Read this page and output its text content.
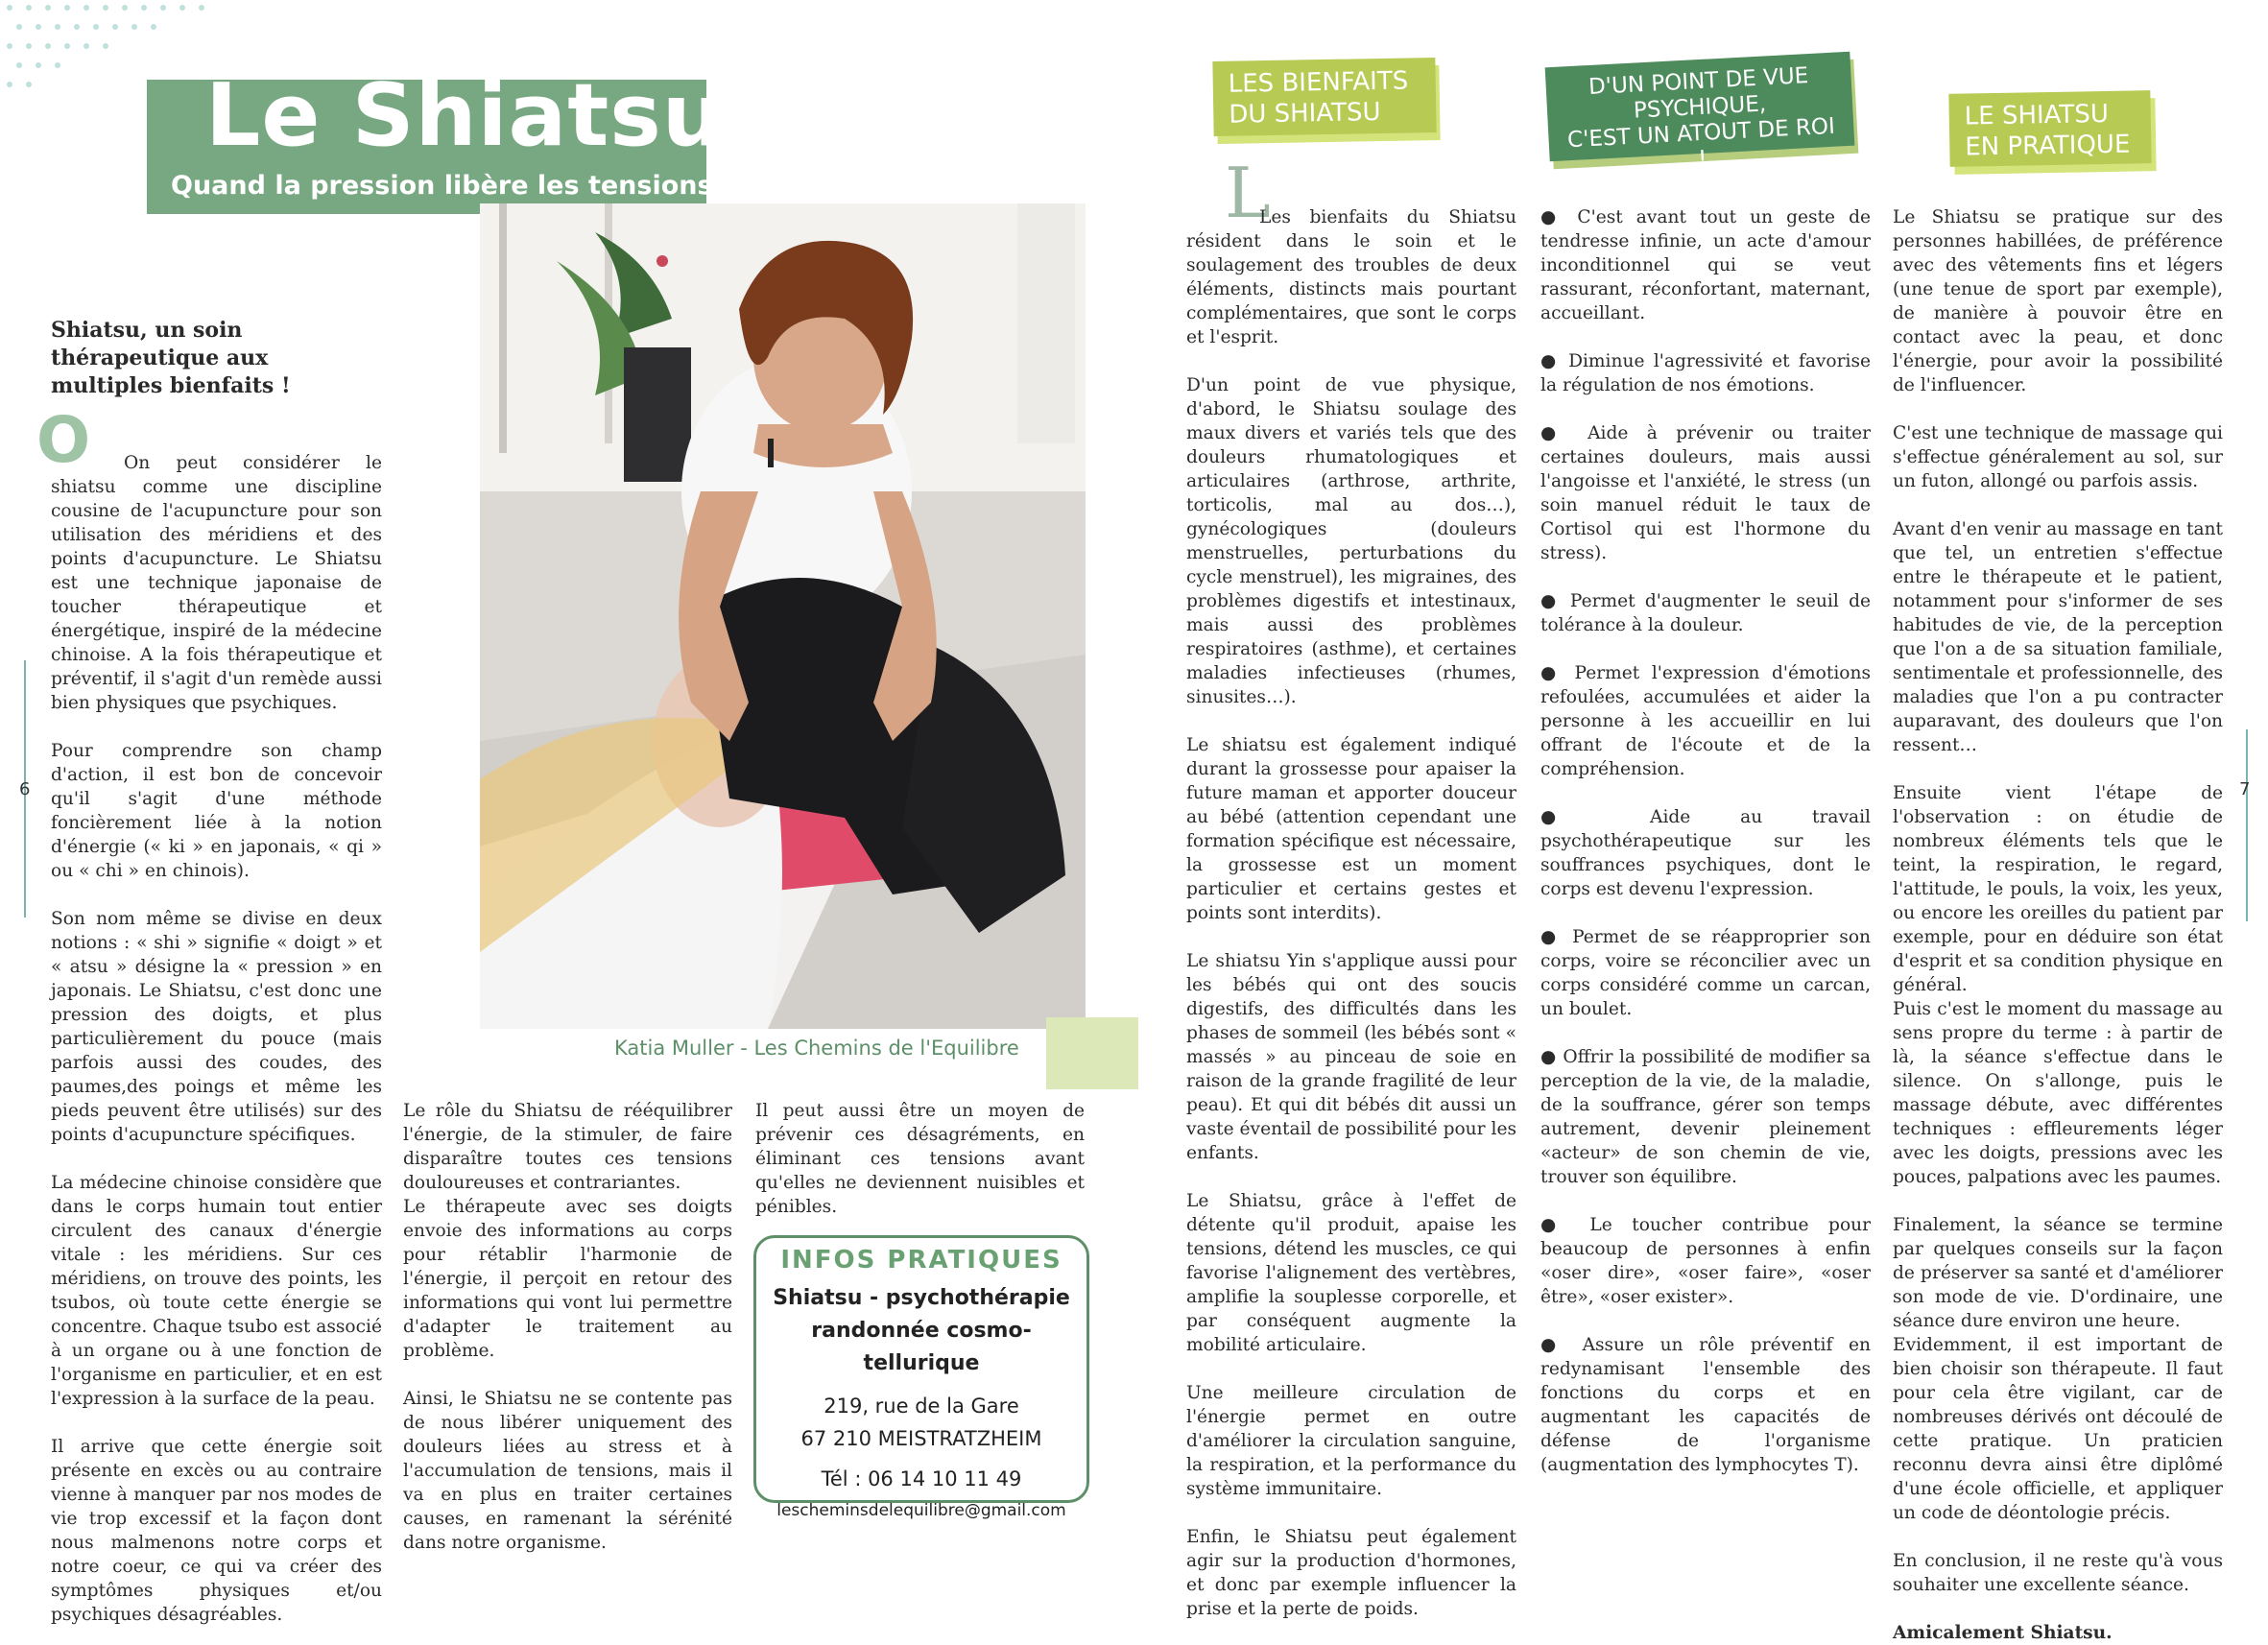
Le Shiatsu
Quand la pression libère les tensions !
Shiatsu, un soin thérapeutique aux multiples bienfaits !
O	On peut considérer le shiatsu comme une discipline cousine de l'acupuncture pour son utilisation des méridiens et des points d'acupuncture. Le Shiatsu est une technique japonaise de toucher thérapeutique et énergétique, inspiré de la médecine chinoise. A la fois thérapeutique et préventif, il s'agit d'un remède aussi bien physiques que psychiques.

Pour comprendre son champ d'action, il est bon de concevoir qu'il s'agit d'une méthode foncièrement liée à la notion d'énergie (« ki » en japonais, « qi » ou « chi » en chinois).

Son nom même se divise en deux notions : « shi » signifie « doigt » et « atsu » désigne la « pression » en japonais. Le Shiatsu, c'est donc une pression des doigts, et plus particulièrement du pouce (mais parfois aussi des coudes, des paumes,des poings et même les pieds peuvent être utilisés) sur des points d'acupuncture spécifiques.

La médecine chinoise considère que dans le corps humain tout entier circulent des canaux d'énergie vitale : les méridiens. Sur ces méridiens, on trouve des points, les tsubos, où toute cette énergie se concentre. Chaque tsubo est associé à un organe ou à une fonction de l'organisme en particulier, et en est l'expression à la surface de la peau.

Il arrive que cette énergie soit présente en excès ou au contraire vienne à manquer par nos modes de vie trop excessif et la façon dont nous malmenons notre corps et notre coeur, ce qui va créer des symptômes physiques et/ou psychiques désagréables.

Katia Muller - Les Chemins de l'Equilibre

Le rôle du Shiatsu de rééquilibrer l'énergie, de la stimuler, de faire disparaître toutes ces tensions douloureuses et contrariantes.
Le thérapeute avec ses doigts envoie des informations au corps pour rétablir l'harmonie de l'énergie, il perçoit en retour des informations qui vont lui permettre d'adapter le traitement au problème.

Ainsi, le Shiatsu ne se contente pas de nous libérer uniquement des douleurs liées au stress et à l'accumulation de tensions, mais il va en plus en traiter certaines causes, en ramenant la sérénité dans notre organisme.

Il peut aussi être un moyen de prévenir ces désagréments, en éliminant ces tensions avant qu'elles ne deviennent nuisibles et pénibles.

INFOS PRATIQUES
Shiatsu - psychothérapie
randonnée cosmo-tellurique
219, rue de la Gare
67 210 MEISTRATZHEIM
Tél : 06 14 10 11 49
lescheminsdelequilibre@gmail.com
6
LES BIENFAITS
DU SHIATSU
D'UN POINT DE VUE
PSYCHIQUE,
C'EST UN ATOUT DE ROI !
LE SHIATSU
EN PRATIQUE
L

Les bienfaits du Shiatsu résident dans le soin et le soulagement des troubles de deux éléments, distincts mais pourtant complémentaires, que sont le corps et l'esprit.

D'un point de vue physique, d'abord, le Shiatsu soulage des maux divers et variés tels que des douleurs rhumatologiques et articulaires (arthrose, arthrite, torticolis, mal au dos…), gynécologiques (douleurs menstruelles, perturbations du cycle menstruel), les migraines, des problèmes digestifs et intestinaux, mais aussi des problèmes respiratoires (asthme), et certaines maladies infectieuses (rhumes, sinusites…).

Le shiatsu est également indiqué durant la grossesse pour apaiser la future maman et apporter douceur au bébé (attention cependant une formation spécifique est nécessaire, la grossesse est un moment particulier et certains gestes et points sont interdits).

Le shiatsu Yin s'applique aussi pour les bébés qui ont des soucis digestifs, des difficultés dans les phases de sommeil (les bébés sont « massés » au pinceau de soie en raison de la grande fragilité de leur peau). Et qui dit bébés dit aussi un vaste éventail de possibilité pour les enfants.

Le Shiatsu, grâce à l'effet de détente qu'il produit, apaise les tensions, détend les muscles, ce qui favorise l'alignement des vertèbres, amplifie la souplesse corporelle, et par conséquent augmente la mobilité articulaire.

Une meilleure circulation de l'énergie permet en outre d'améliorer la circulation sanguine, la respiration, et la performance du système immunitaire.

Enfin, le Shiatsu peut également agir sur la production d'hormones, et donc par exemple influencer la prise et la perte de poids.

● C'est avant tout un geste de tendresse infinie, un acte d'amour inconditionnel qui se veut rassurant, réconfortant, maternant, accueillant.

● Diminue l'agressivité et favorise la régulation de nos émotions.

● Aide à prévenir ou traiter certaines douleurs, mais aussi l'angoisse et l'anxiété, le stress (un soin manuel réduit le taux de Cortisol qui est l'hormone du stress).

● Permet d'augmenter le seuil de tolérance à la douleur.

● Permet l'expression d'émotions refoulées, accumulées et aider la personne à les accueillir en lui offrant de l'écoute et de la compréhension.

● Aide au travail psychothérapeutique sur les souffrances psychiques, dont le corps est devenu l'expression.

● Permet de se réapproprier son corps, voire se réconcilier avec un corps considéré comme un carcan, un boulet.

● Offrir la possibilité de modifier sa perception de la vie, de la maladie, de la souffrance, gérer son temps autrement, devenir pleinement «acteur» de son chemin de vie, trouver son équilibre.

● Le toucher contribue pour beaucoup de personnes à enfin «oser dire», «oser faire», «oser être», «oser exister».

● Assure un rôle préventif en redynamisant l'ensemble des fonctions du corps et en augmentant les capacités de défense de l'organisme (augmentation des lymphocytes T).

Le Shiatsu se pratique sur des personnes habillées, de préférence avec des vêtements fins et légers (une tenue de sport par exemple), de manière à pouvoir être en contact avec la peau, et donc l'énergie, pour avoir la possibilité de l'influencer.

C'est une technique de massage qui s'effectue généralement au sol, sur un futon, allongé ou parfois assis.

Avant d'en venir au massage en tant que tel, un entretien s'effectue entre le thérapeute et le patient, notamment pour s'informer de ses habitudes de vie, de la perception que l'on a de sa situation familiale, sentimentale et professionnelle, des maladies que l'on a pu contracter auparavant, des douleurs que l'on ressent…

Ensuite vient l'étape de l'observation : on étudie de nombreux éléments tels que le teint, la respiration, le regard, l'attitude, le pouls, la voix, les yeux, ou encore les oreilles du patient par exemple, pour en déduire son état d'esprit et sa condition physique en général.
Puis c'est le moment du massage au sens propre du terme : à partir de là, la séance s'effectue dans le silence. On s'allonge, puis le massage débute, avec différentes techniques : effleurements léger avec les doigts, pressions avec les pouces, palpations avec les paumes.

Finalement, la séance se termine par quelques conseils sur la façon de préserver sa santé et d'améliorer son mode de vie. D'ordinaire, une séance dure environ une heure.
Evidemment, il est important de bien choisir son thérapeute. Il faut pour cela être vigilant, car de nombreuses dérivés ont découlé de cette pratique. Un praticien reconnu devra ainsi être diplômé d'une école officielle, et appliquer un code de déontologie précis.

En conclusion, il ne reste qu'à vous souhaiter une excellente séance.

Amicalement Shiatsu.

7
